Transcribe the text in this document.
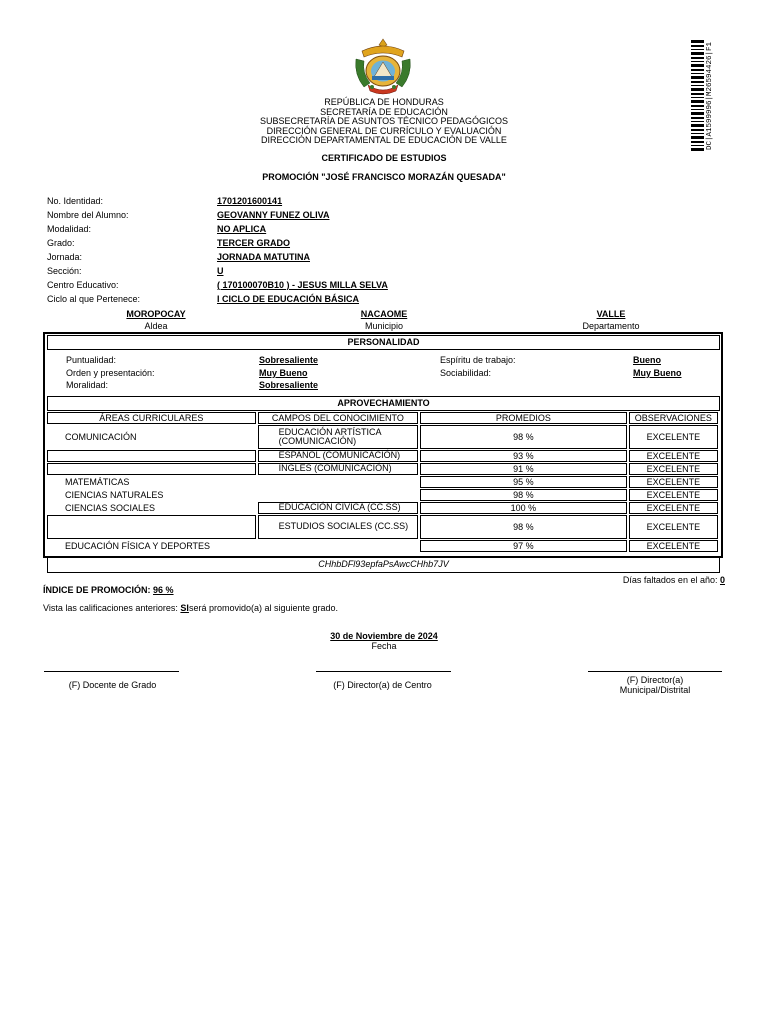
DC|A1599996|M26594426|F1
REPÚBLICA DE HONDURAS
SECRETARÍA DE EDUCACIÓN
SUBSECRETARÍA DE ASUNTOS TÉCNICO PEDAGÓGICOS
DIRECCIÓN GENERAL DE CURRÍCULO Y EVALUACIÓN
DIRECCIÓN DEPARTAMENTAL DE EDUCACIÓN DE VALLE
CERTIFICADO DE ESTUDIOS
PROMOCIÓN "JOSÉ FRANCISCO MORAZÁN QUESADA"
No. Identidad:	1701201600141
Nombre del Alumno:	GEOVANNY FUNEZ OLIVA
Modalidad:	NO APLICA
Grado:	TERCER GRADO
Jornada:	JORNADA MATUTINA
Sección:	U
Centro Educativo:	( 170100070B10 ) - JESUS MILLA SELVA
Ciclo al que Pertenece:	I CICLO DE EDUCACIÓN BÁSICA
MOROPOCAY
Aldea
NACAOME
Municipio
VALLE
Departamento
PERSONALIDAD
Puntualidad:	Sobresaliente	Espíritu de trabajo:	Bueno
Orden y presentación:	Muy Bueno	Sociabilidad:	Muy Bueno
Moralidad:	Sobresaliente
APROVECHAMIENTO
ÁREAS CURRICULARES	CAMPOS DEL CONOCIMIENTO	PROMEDIOS	OBSERVACIONES
COMUNICACIÓN	EDUCACIÓN ARTÍSTICA (COMUNICACIÓN)	98 %	EXCELENTE
	ESPAÑOL (COMUNICACIÓN)	93 %	EXCELENTE
	INGLÉS (COMUNICACIÓN)	91 %	EXCELENTE
MATEMÁTICAS		95 %	EXCELENTE
CIENCIAS NATURALES		98 %	EXCELENTE
CIENCIAS SOCIALES	EDUCACIÓN CÍVICA (CC.SS)	100 %	EXCELENTE
	ESTUDIOS SOCIALES (CC.SS)	98 %	EXCELENTE
EDUCACIÓN FÍSICA Y DEPORTES		97 %	EXCELENTE
CHhbDFl93epfaPsAwcCHhb7JV
Días faltados en el año: 0
ÍNDICE DE PROMOCIÓN: 96 %
Vista las calificaciones anteriores: SIserá promovido(a) al siguiente grado.
30 de Noviembre de 2024
Fecha
(F) Docente de Grado	(F) Director(a) de Centro	(F) Director(a) Municipal/Distrital
